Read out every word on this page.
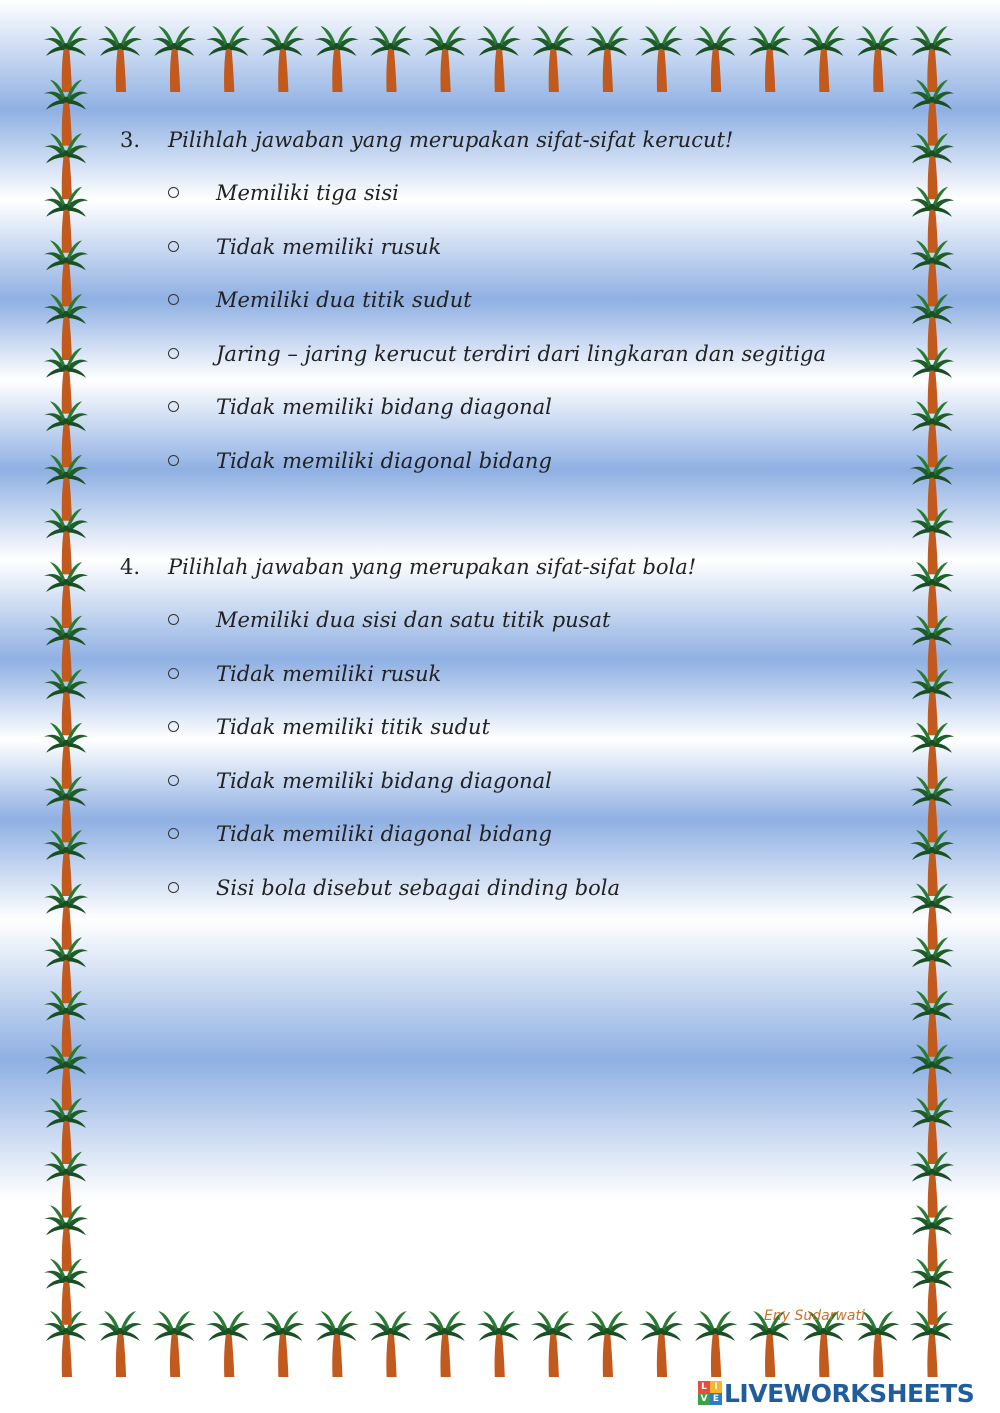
3. Pilihlah jawaban yang merupakan sifat-sifat kerucut!
Memiliki tiga sisi
Tidak memiliki rusuk
Memiliki dua titik sudut
Jaring – jaring kerucut terdiri dari lingkaran dan segitiga
Tidak memiliki bidang diagonal
Tidak memiliki diagonal bidang
4. Pilihlah jawaban yang merupakan sifat-sifat bola!
Memiliki dua sisi dan satu titik pusat
Tidak memiliki rusuk
Tidak memiliki titik sudut
Tidak memiliki bidang diagonal
Tidak memiliki diagonal bidang
Sisi bola disebut sebagai dinding bola
Eny Sudarwati
L I
V E LIVEWORKSHEETS
